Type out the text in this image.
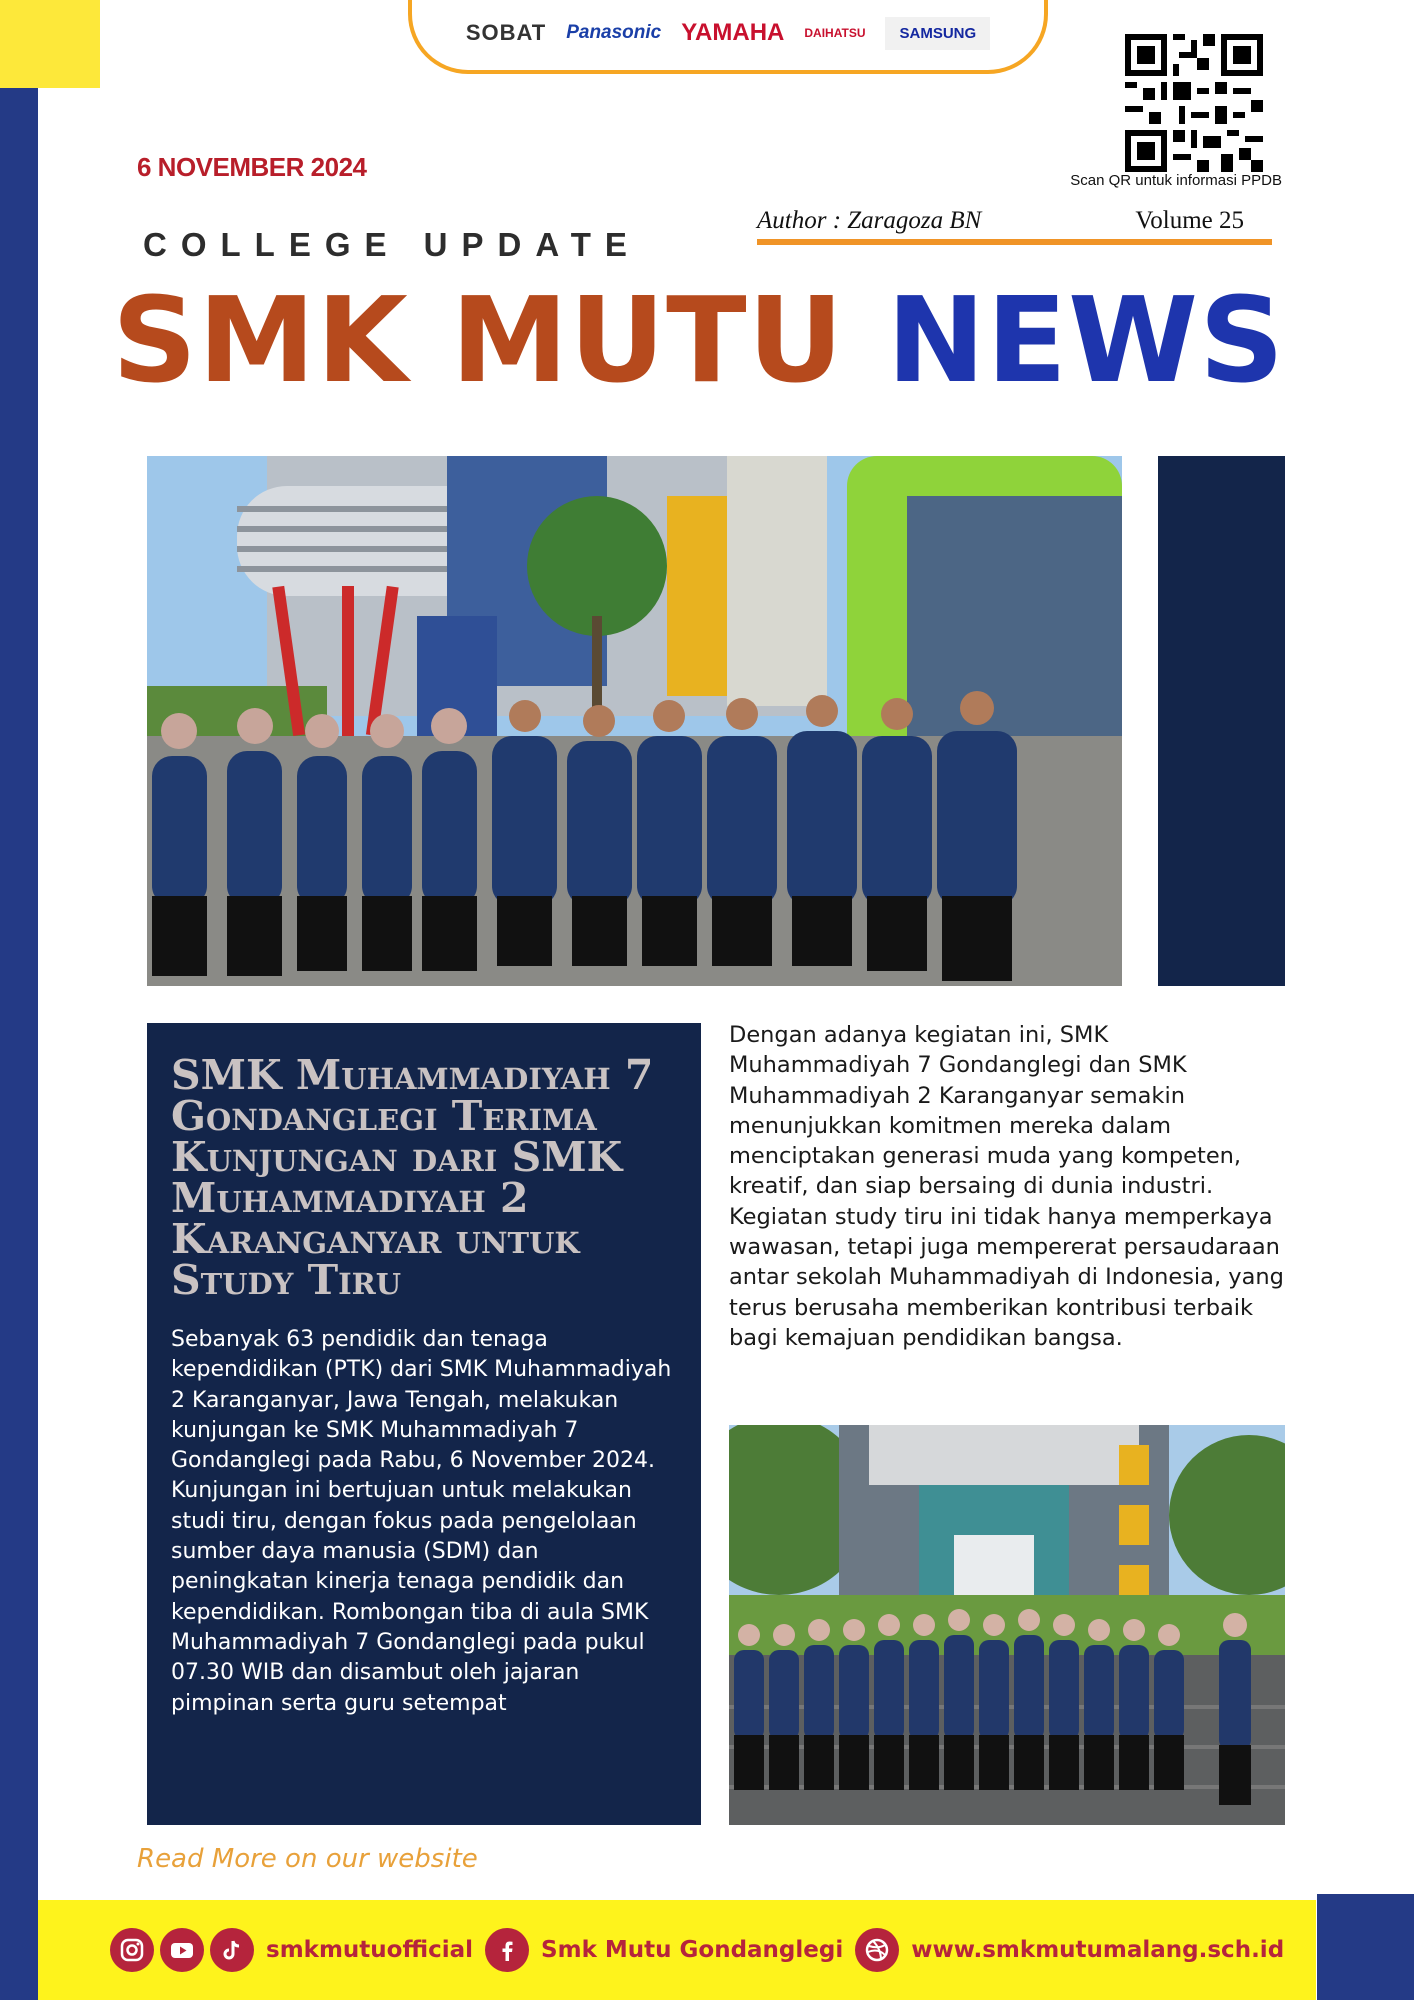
SOBAT Panasonic YAMAHA DAIHATSU	SAMSUNG
Scan QR untuk informasi PPDB
6 NOVEMBER 2024
Author : Zaragoza BN	Volume 25
COLLEGE UPDATE
SMK MUTU NEWS
SMK Muhammadiyah 7 Gondanglegi Terima Kunjungan dari SMK Muhammadiyah 2 Karanganyar untuk Study Tiru

Sebanyak 63 pendidik dan tenaga kependidikan (PTK) dari SMK Muhammadiyah 2 Karanganyar, Jawa Tengah, melakukan kunjungan ke SMK Muhammadiyah 7 Gondanglegi pada Rabu, 6 November 2024. Kunjungan ini bertujuan untuk melakukan studi tiru, dengan fokus pada pengelolaan sumber daya manusia (SDM) dan peningkatan kinerja tenaga pendidik dan kependidikan. Rombongan tiba di aula SMK Muhammadiyah 7 Gondanglegi pada pukul 07.30 WIB dan disambut oleh jajaran pimpinan serta guru setempat

Dengan adanya kegiatan ini, SMK Muhammadiyah 7 Gondanglegi dan SMK Muhammadiyah 2 Karanganyar semakin menunjukkan komitmen mereka dalam menciptakan generasi muda yang kompeten, kreatif, dan siap bersaing di dunia industri. Kegiatan study tiru ini tidak hanya memperkaya wawasan, tetapi juga mempererat persaudaraan antar sekolah Muhammadiyah di Indonesia, yang terus berusaha memberikan kontribusi terbaik bagi kemajuan pendidikan bangsa.

Read More on our website
smkmutuofficial	Smk Mutu Gondanglegi	www.smkmutumalang.sch.id
